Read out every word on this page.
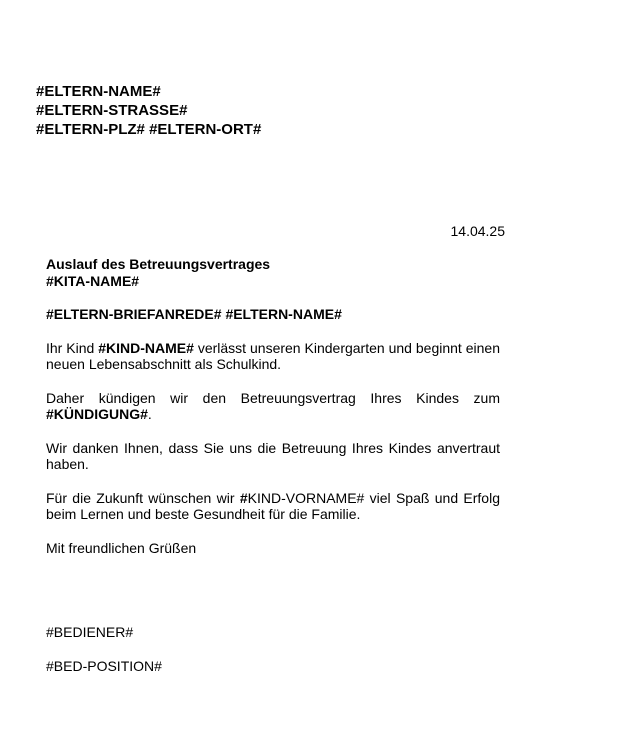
#ELTERN-NAME#
#ELTERN-STRASSE#
#ELTERN-PLZ# #ELTERN-ORT#
14.04.25

Auslauf des Betreuungsvertrages

#KITA-NAME#

#ELTERN-BRIEFANREDE# #ELTERN-NAME#

Ihr Kind #KIND-NAME# verlässt unseren Kindergarten und beginnt einen neuen Lebensabschnitt als Schulkind.

Daher kündigen wir den Betreuungsvertrag Ihres Kindes zum #KÜNDIGUNG#.

Wir danken Ihnen, dass Sie uns die Betreuung Ihres Kindes anvertraut haben.

Für die Zukunft wünschen wir #KIND-VORNAME# viel Spaß und Erfolg beim Lernen und beste Gesundheit für die Familie.

Mit freundlichen Grüßen

#BEDIENER#

#BED-POSITION#
